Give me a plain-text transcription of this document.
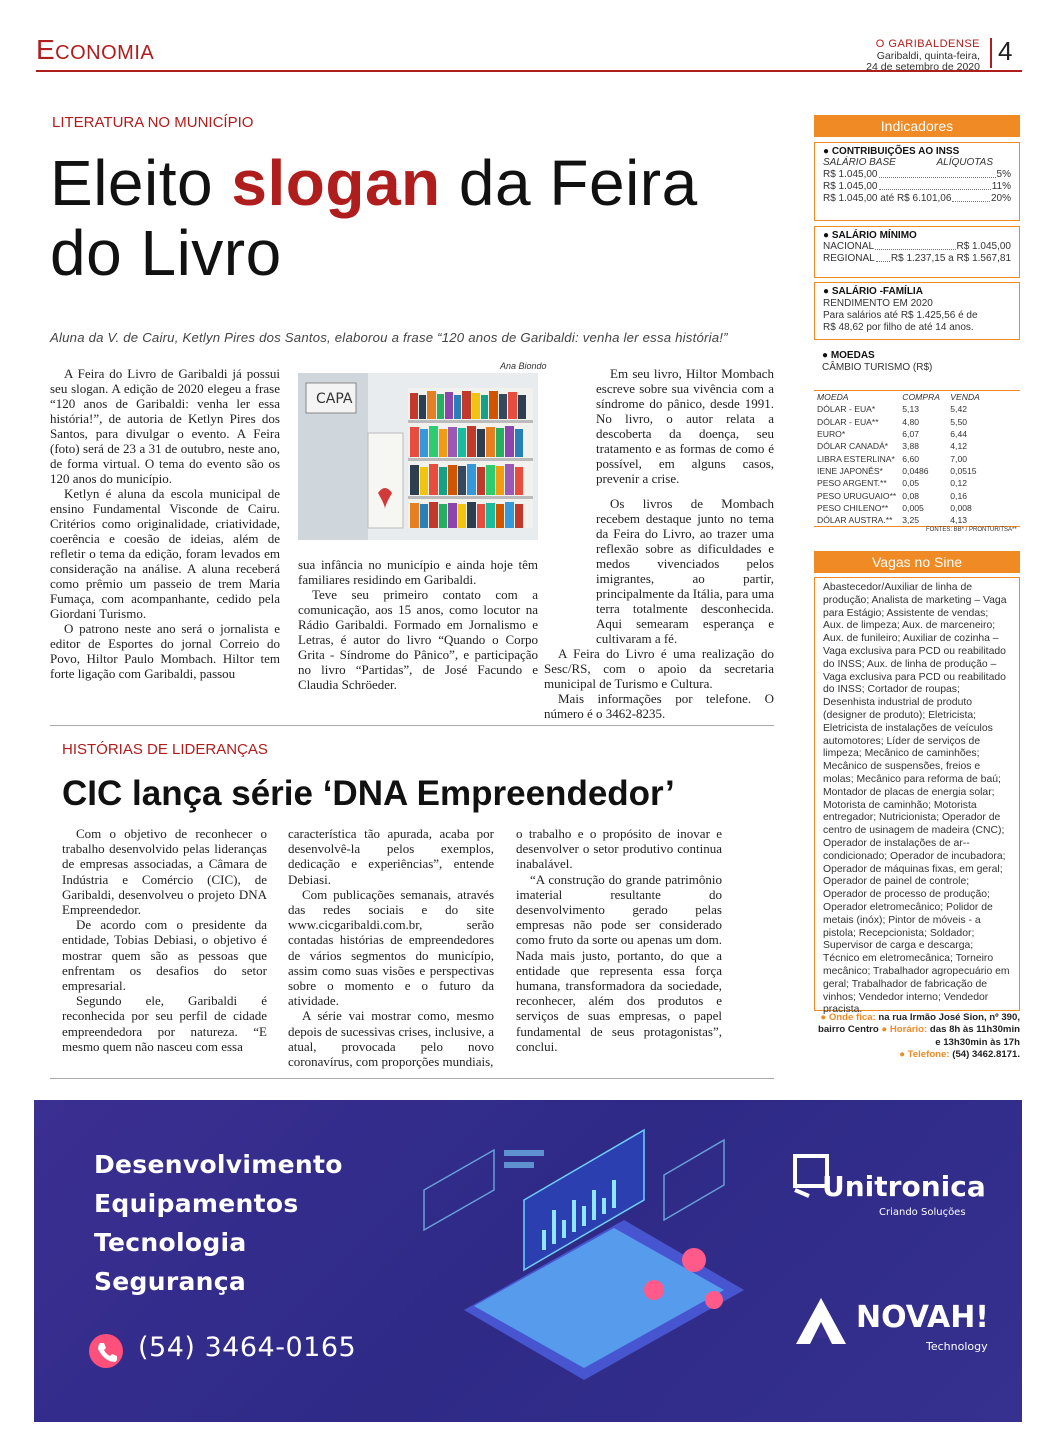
Economia	O GARIBALDENSE
Garibaldi, quinta-feira,
24 de setembro de 2020
4
LITERATURA NO MUNICÍPIO
Eleito slogan da Feira do Livro
Aluna da V. de Cairu, Ketlyn Pires dos Santos, elaborou a frase “120 anos de Garibaldi: venha ler essa história!”

A Feira do Livro de Garibaldi já possui seu slogan. A edição de 2020 elegeu a frase “120 anos de Garibaldi: venha ler essa história!”, de autoria de Ketlyn Pires dos Santos, para divulgar o evento. A Feira (foto) será de 23 a 31 de outubro, neste ano, de forma virtual. O tema do evento são os 120 anos do município.

Ketlyn é aluna da escola municipal de ensino Fundamental Visconde de Cairu. Critérios como originalidade, criatividade, coerência e coesão de ideias, além de refletir o tema da edição, foram levados em consideração na análise. A aluna receberá como prêmio um passeio de trem Maria Fumaça, com acompanhante, cedido pela Giordani Turismo.

O patrono neste ano será o jornalista e editor de Esportes do jornal Correio do Povo, Hiltor Paulo Mombach. Hiltor tem forte ligação com Garibaldi, passou

Ana Biondo
CAPA

sua infância no município e ainda hoje têm familiares residindo em Garibaldi.

Teve seu primeiro contato com a comunicação, aos 15 anos, como locutor na Rádio Garibaldi. Formado em Jornalismo e Letras, é autor do livro “Quando o Corpo Grita - Síndrome do Pânico”, e participação no livro “Partidas”, de José Facundo e Claudia Schröeder.

Em seu livro, Hiltor Mombach escreve sobre sua vivência com a síndrome do pânico, desde 1991. No livro, o autor relata a descoberta da doença, seu tratamento e as formas de como é possível, em alguns casos, prevenir a crise.

Os livros de Mombach recebem destaque junto no tema da Feira do Livro, ao trazer uma reflexão sobre as dificuldades e medos vivenciados pelos imigrantes, ao partir, principalmente da Itália, para uma terra totalmente desconhecida. Aqui semearam esperança e cultivaram a fé.

A Feira do Livro é uma realização do Sesc/RS, com o apoio da secretaria municipal de Turismo e Cultura.

Mais informações por telefone. O número é o 3462-8235.

HISTÓRIAS DE LIDERANÇAS
CIC lança série ‘DNA Empreendedor’

Com o objetivo de reconhecer o trabalho desenvolvido pelas lideranças de empresas associadas, a Câmara de Indústria e Comércio (CIC), de Garibaldi, desenvolveu o projeto DNA Empreendedor.

De acordo com o presidente da entidade, Tobias Debiasi, o objetivo é mostrar quem são as pessoas que enfrentam os desafios do setor empresarial.

Segundo ele, Garibaldi é reconhecida por seu perfil de cidade empreendedora por natureza. “E mesmo quem não nasceu com essa

característica tão apurada, acaba por desenvolvê-la pelos exemplos, dedicação e experiências”, entende Debiasi.

Com publicações semanais, através das redes sociais e do site www.cicgaribaldi.com.br, serão contadas histórias de empreendedores de vários segmentos do município, assim como suas visões e perspectivas sobre o momento e o futuro da atividade.

A série vai mostrar como, mesmo depois de sucessivas crises, inclusive, a atual, provocada pelo novo coronavírus, com proporções mundiais,

o trabalho e o propósito de inovar e desenvolver o setor produtivo continua inabalável.

“A construção do grande patrimônio imaterial resultante do desenvolvimento gerado pelas empresas não pode ser considerado como fruto da sorte ou apenas um dom. Nada mais justo, portanto, do que a entidade que representa essa força humana, transformadora da sociedade, reconhecer, além dos produtos e serviços de suas empresas, o papel fundamental de seus protagonistas”, conclui.

Indicadores
● CONTRIBUIÇÕES AO INSS
SALÁRIO BASE	ALÍQUOTAS
R$ 1.045,00	5%
R$ 1.045,00	11%
R$ 1.045,00 até R$ 6.101,06	20%
● SALÁRIO MÍNIMO
NACIONAL	R$ 1.045,00
REGIONAL R$ 1.237,15 a R$ 1.567,81
● SALÁRIO -FAMÍLIA
RENDIMENTO EM 2020
Para salários até R$ 1.425,56 é de
R$ 48,62 por filho de até 14 anos.
● MOEDAS
CÂMBIO TURISMO (R$)
MOEDA	COMPRA	VENDA
DÓLAR - EUA*	5,13	5,42
DÓLAR - EUA**	4,80	5,50
EURO*	6,07	6,44
DÓLAR CANADÁ*	3,88	4,12
LIBRA ESTERLINA*	6,60	7,00
IENE JAPONÊS*	0,0486	0,0515
PESO ARGENT.**	0,05	0,12
PESO URUGUAIO**	0,08	0,16
PESO CHILENO**	0,005	0,008
DÓLAR AUSTRA.**	3,25	4,13
FONTES: BB* / PRONTUR/TSA**
Vagas no Sine
Abastecedor/Auxiliar de linha de produção; Analista de marketing – Vaga para Estágio; Assistente de vendas; Aux. de limpeza; Aux. de marceneiro; Aux. de funileiro; Auxiliar de cozinha – Vaga exclusiva para PCD ou reabilitado do INSS; Aux. de linha de produção – Vaga exclusiva para PCD ou reabilitado do INSS; Cortador de roupas; Desenhista industrial de produto (designer de produto); Eletricista; Eletricista de instalações de veículos automotores; Líder de serviços de limpeza; Mecânico de caminhões; Mecânico de suspensões, freios e molas; Mecânico para reforma de baú; Montador de placas de energia solar; Motorista de caminhão; Motorista entregador; Nutricionista; Operador de centro de usinagem de madeira (CNC); Operador de instalações de ar--condicionado; Operador de incubadora; Operador de máquinas fixas, em geral; Operador de painel de controle; Operador de processo de produção; Operador eletromecânico; Polidor de metais (inóx); Pintor de móveis - a pistola; Recepcionista; Soldador; Supervisor de carga e descarga; Técnico em eletromecânica; Torneiro mecânico; Trabalhador agropecuário em geral; Trabalhador de fabricação de vinhos; Vendedor interno; Vendedor pracista.
● Onde fica: na rua Irmão José Sion, nº 390, bairro Centro ● Horário: das 8h às 11h30min e 13h30min às 17h
● Telefone: (54) 3462.8171.
Desenvolvimento
Equipamentos
Tecnologia
Segurança
(54) 3464-0165
Unitronica
Criando Soluções
NOVAH!
Technology
